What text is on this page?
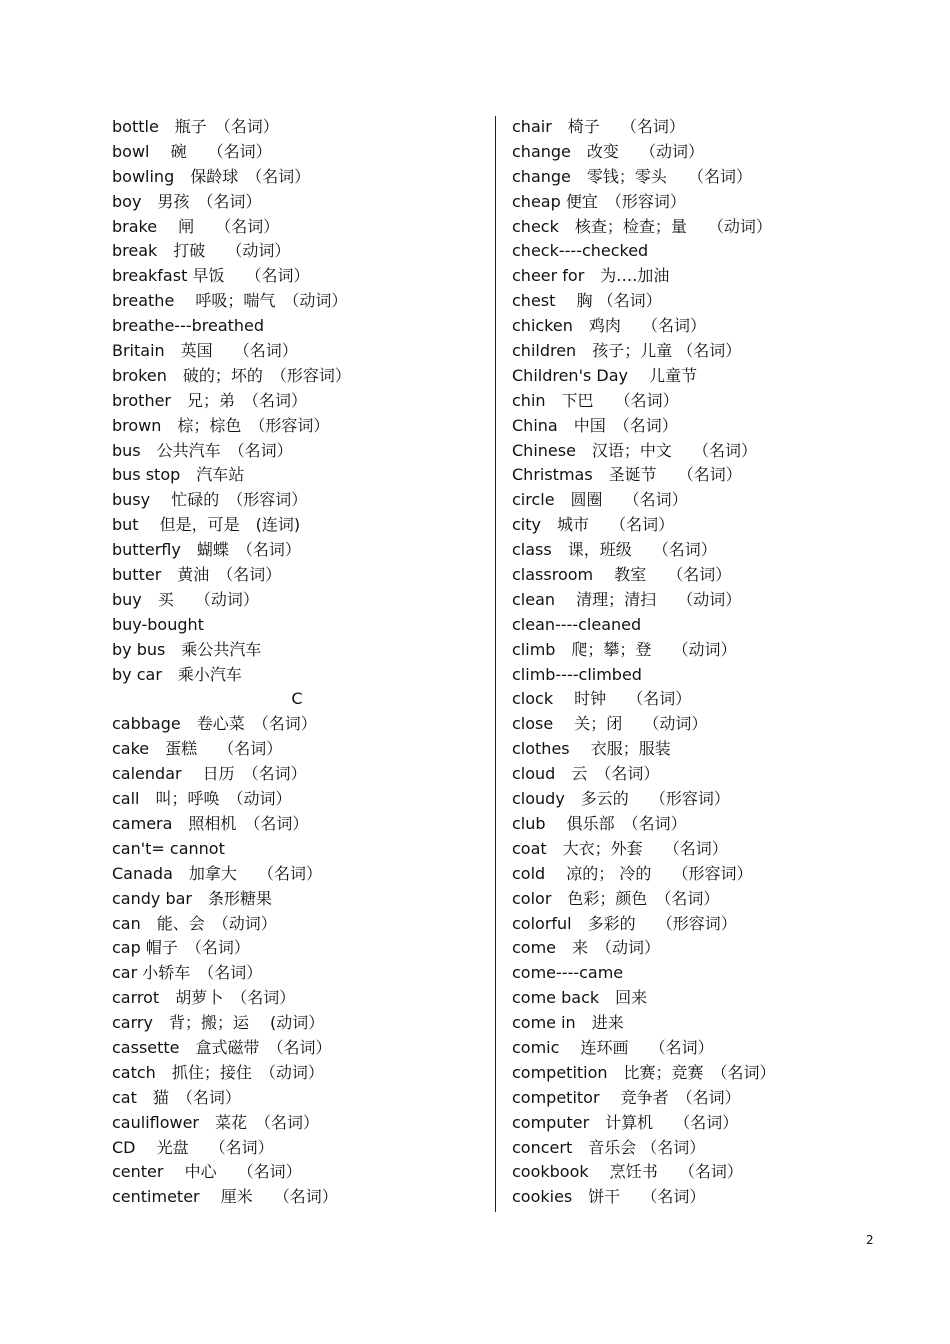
bottle　瓶子　（名词）
bowl　 碗　 （名词）
bowling　保龄球　（名词）
boy　男孩　（名词）
brake　 闸　 （名词）
break　打破　 （动词）
breakfast 早饭　 （名词）
breathe　 呼吸；喘气　（动词）
breathe---breathed
Britain　英国　 （名词）
broken　破的；坏的　（形容词）
brother　兄；弟　（名词）
brown　棕；棕色　（形容词）
bus　公共汽车　（名词）
bus stop　汽车站
busy　 忙碌的　（形容词）
but　 但是，可是　(连词)
butterfly　蝴蝶　（名词）
butter　黄油　（名词）
buy　买　 （动词）
buy-bought
by bus　乘公共汽车
by car　乘小汽车
C
cabbage　卷心菜　（名词）
cake　蛋糕　 （名词）
calendar　 日历　（名词）
call　叫；呼唤　（动词）
camera　照相机　（名词）
can't= cannot
Canada　加拿大　 （名词）
candy bar　条形糖果
can　能、会　（动词）
cap 帽子　（名词）
car 小轿车　（名词）
carrot　胡萝卜　（名词）
carry　背；搬；运　 (动词）
cassette　盒式磁带　（名词）
catch　抓住；接住　（动词）
cat　猫　（名词）
cauliflower　菜花　（名词）
CD　 光盘　 （名词）
center　 中心　 （名词）
centimeter　 厘米　 （名词）
chair　椅子　 （名词）
change　改变　 （动词）
change　零钱；零头　 （名词）
cheap 便宜　（形容词）
check　核查；检查；量　 （动词）
check----checked
cheer for　为….加油
chest　 胸 （名词）
chicken　鸡肉　 （名词）
children　孩子；儿童 （名词）
Children's Day　 儿童节
chin　下巴　 （名词）
China　中国　（名词）
Chinese　汉语；中文　 （名词）
Christmas　圣诞节　 （名词）
circle　圆圈　 （名词）
city　城市　 （名词）
class　课，班级　 （名词）
classroom　 教室　 （名词）
clean　 清理；清扫　 （动词）
clean----cleaned
climb　爬；攀；登　 （动词）
climb----climbed
clock　 时钟　 （名词）
close　 关；闭　 （动词）
clothes　 衣服；服装
cloud　云　（名词）
cloudy　多云的　 （形容词）
club　 俱乐部　（名词）
coat　大衣；外套　 （名词）
cold　 凉的； 冷的　 （形容词）
color　色彩；颜色　（名词）
colorful　多彩的　 （形容词）
come　来　（动词）
come----came
come back　回来
come in　进来
comic　 连环画　 （名词）
competition　比赛；竞赛　（名词）
competitor　 竞争者　（名词）
computer　计算机　 （名词）
concert　音乐会 （名词）
cookbook　 烹饪书　 （名词）
cookies　饼干　 （名词）
2
